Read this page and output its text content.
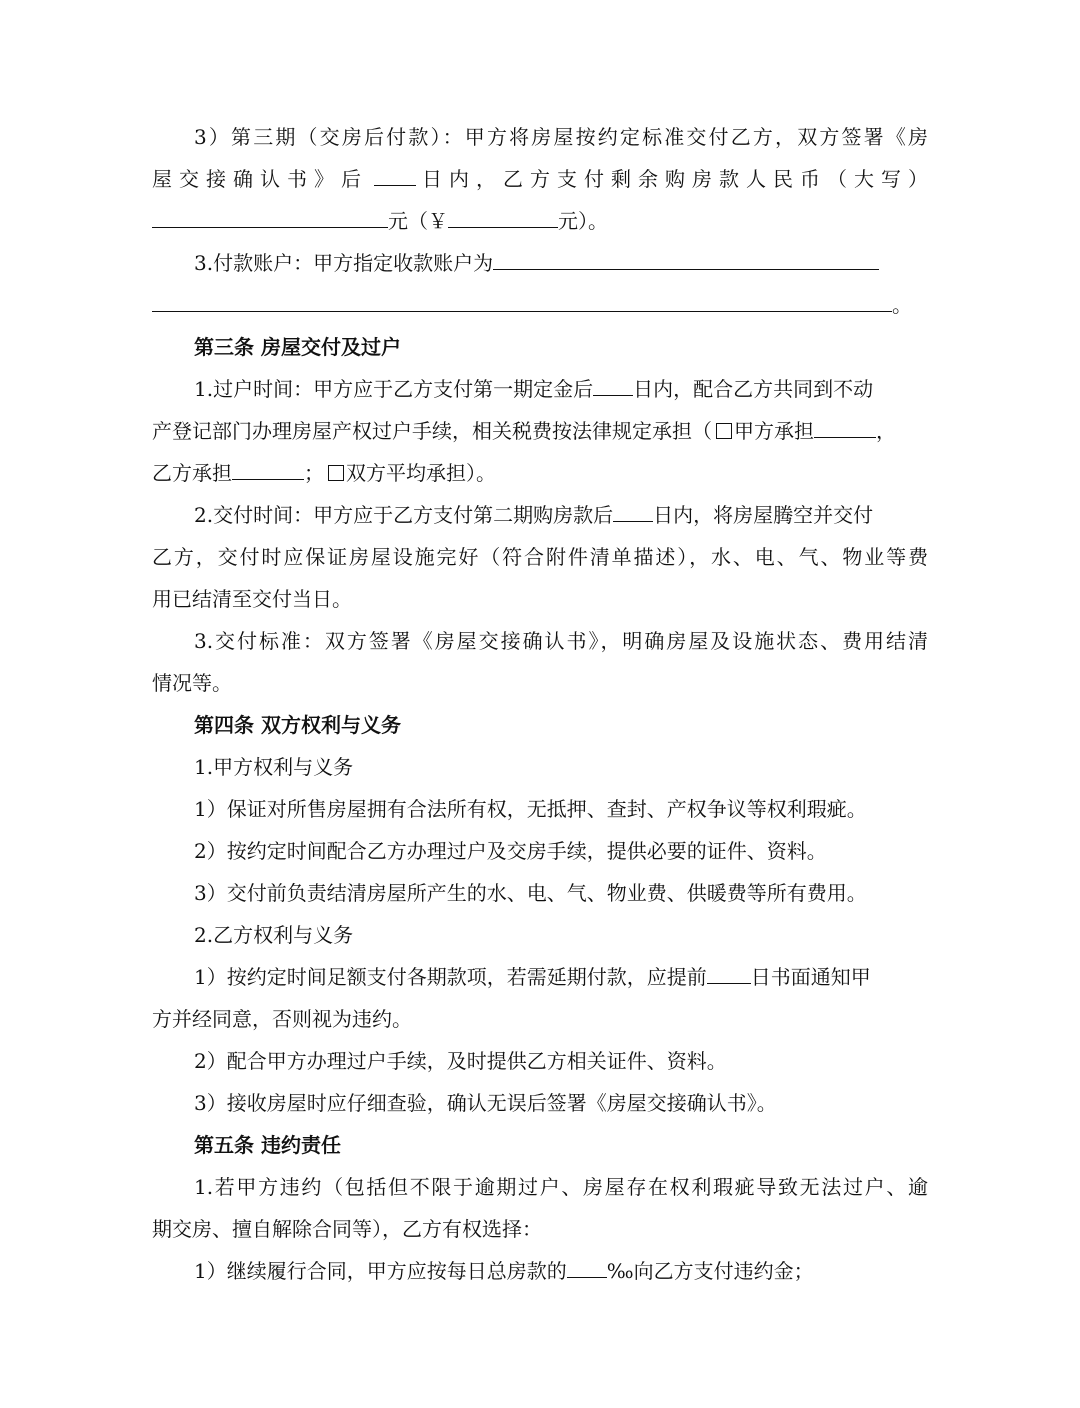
3）第三期（交房后付款）：甲方将房屋按约定标准交付乙方，双方签署《房
屋交接确认书》后	日内，乙方支付剩余购房款人民币（大写）
元（￥	元）。
3.付款账户：甲方指定收款账户为
。
第三条 房屋交付及过户
1.过户时间：甲方应于乙方支付第一期定金后 日内，配合乙方共同到不动
产登记部门办理房屋产权过户手续，相关税费按法律规定承担（ 甲方承担	，
乙方承担	； 双方平均承担）。
2.交付时间：甲方应于乙方支付第二期购房款后 日内，将房屋腾空并交付
乙方，交付时应保证房屋设施完好（符合附件清单描述），水、电、气、物业等费
用已结清至交付当日。
3.交付标准：双方签署《房屋交接确认书》，明确房屋及设施状态、费用结清
情况等。
第四条 双方权利与义务
1.甲方权利与义务
1）保证对所售房屋拥有合法所有权，无抵押、查封、产权争议等权利瑕疵。
2）按约定时间配合乙方办理过户及交房手续，提供必要的证件、资料。
3）交付前负责结清房屋所产生的水、电、气、物业费、供暖费等所有费用。
2.乙方权利与义务
1）按约定时间足额支付各期款项，若需延期付款，应提前 日书面通知甲
方并经同意，否则视为违约。
2）配合甲方办理过户手续，及时提供乙方相关证件、资料。
3）接收房屋时应仔细查验，确认无误后签署《房屋交接确认书》。
第五条 违约责任
1.若甲方违约（包括但不限于逾期过户、房屋存在权利瑕疵导致无法过户、逾
期交房、擅自解除合同等），乙方有权选择：
1）继续履行合同，甲方应按每日总房款的 ‰向乙方支付违约金；
